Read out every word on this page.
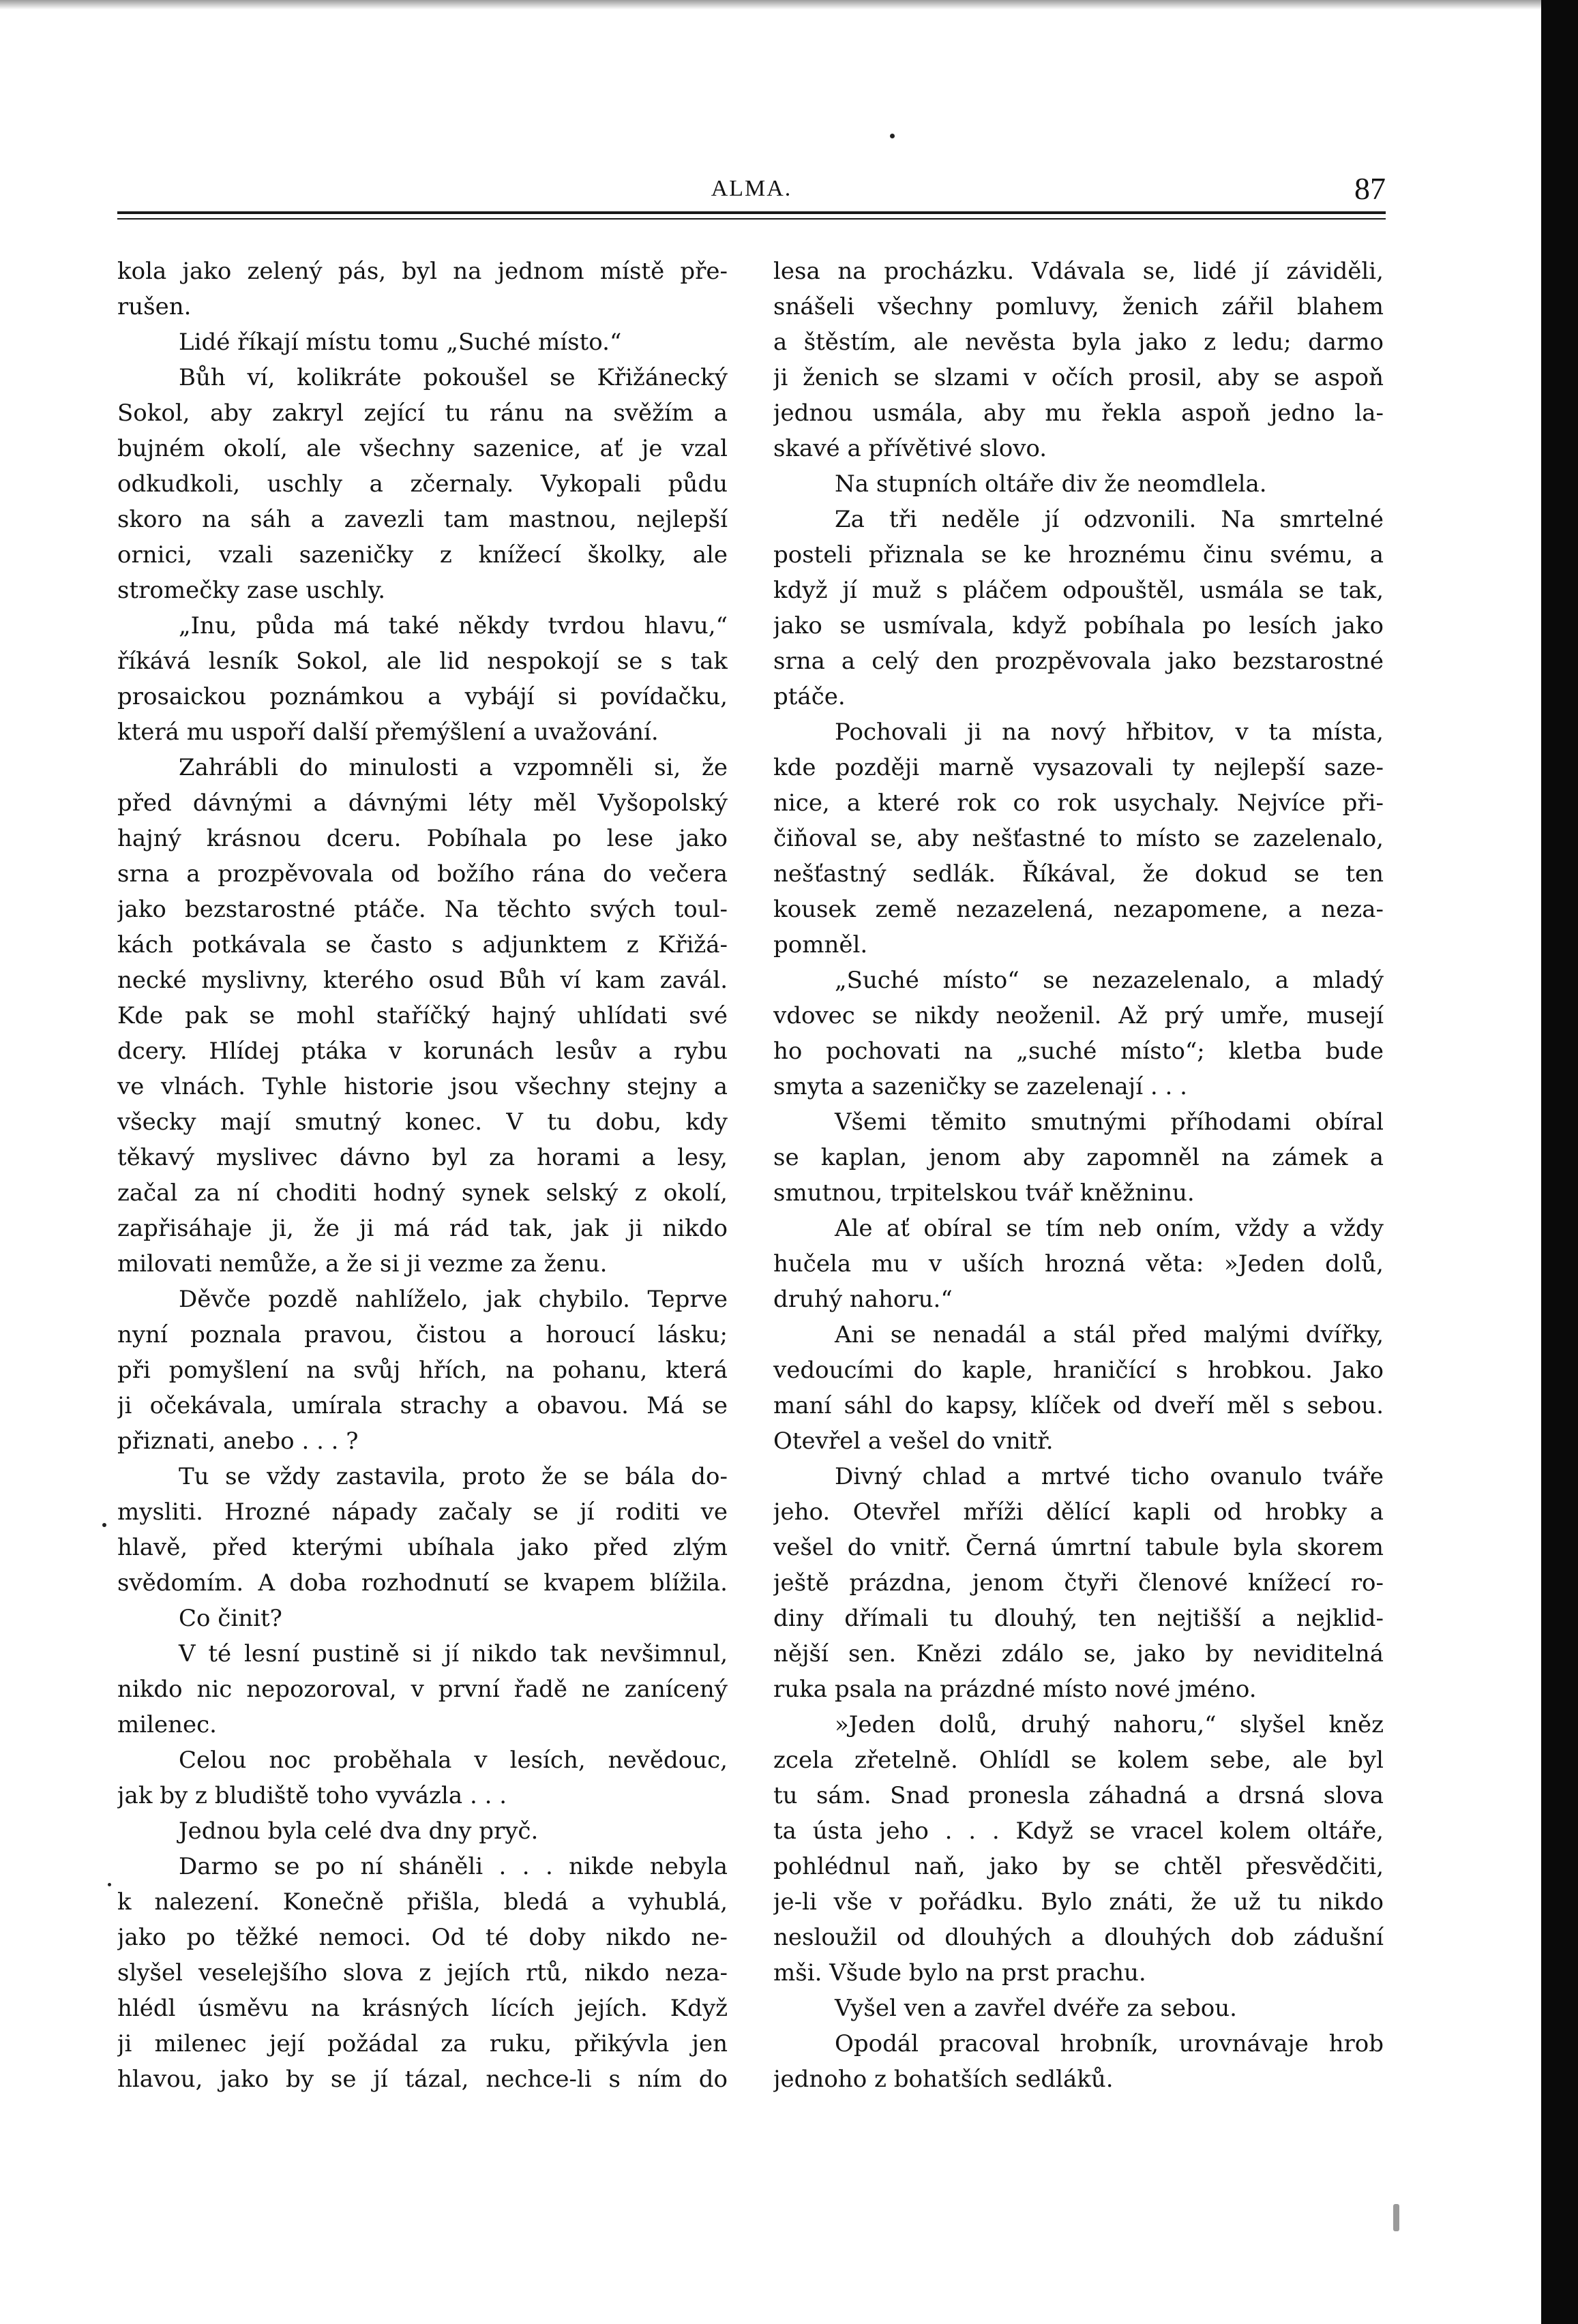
ALMA.	87
kola jako zelený pás, byl na jednom místě pře-
rušen.
Lidé říkají místu tomu „Suché místo.“
Bůh ví, kolikráte pokoušel se Křižánecký
Sokol, aby zakryl zející tu ránu na svěžím a
bujném okolí, ale všechny sazenice, ať je vzal
odkudkoli, uschly a zčernaly. Vykopali půdu
skoro na sáh a zavezli tam mastnou, nejlepší
ornici, vzali sazeničky z knížecí školky, ale
stromečky zase uschly.
„Inu, půda má také někdy tvrdou hlavu,“
říkává lesník Sokol, ale lid nespokojí se s tak
prosaickou poznámkou a vybájí si povídačku,
která mu uspoří další přemýšlení a uvažování.
Zahrábli do minulosti a vzpomněli si, že
před dávnými a dávnými léty měl Vyšopolský
hajný krásnou dceru. Pobíhala po lese jako
srna a prozpěvovala od božího rána do večera
jako bezstarostné ptáče. Na těchto svých toul-
kách potkávala se často s adjunktem z Křižá-
necké myslivny, kterého osud Bůh ví kam zavál.
Kde pak se mohl staříčký hajný uhlídati své
dcery. Hlídej ptáka v korunách lesův a rybu
ve vlnách. Tyhle historie jsou všechny stejny a
všecky mají smutný konec. V tu dobu, kdy
těkavý myslivec dávno byl za horami a lesy,
začal za ní choditi hodný synek selský z okolí,
zapřisáhaje ji, že ji má rád tak, jak ji nikdo
milovati nemůže, a že si ji vezme za ženu.
Děvče pozdě nahlíželo, jak chybilo. Teprve
nyní poznala pravou, čistou a horoucí lásku;
při pomyšlení na svůj hřích, na pohanu, která
ji očekávala, umírala strachy a obavou. Má se
přiznati, anebo . . . ?
Tu se vždy zastavila, proto že se bála do-
mysliti. Hrozné nápady začaly se jí roditi ve
hlavě, před kterými ubíhala jako před zlým
svědomím. A doba rozhodnutí se kvapem blížila.
Co činit?
V té lesní pustině si jí nikdo tak nevšimnul,
nikdo nic nepozoroval, v první řadě ne zanícený
milenec.
Celou noc proběhala v lesích, nevědouc,
jak by z bludiště toho vyvázla . . .
Jednou byla celé dva dny pryč.
Darmo se po ní sháněli . . . nikde nebyla
k nalezení. Konečně přišla, bledá a vyhublá,
jako po těžké nemoci. Od té doby nikdo ne-
slyšel veselejšího slova z jejích rtů, nikdo neza-
hlédl úsměvu na krásných lících jejích. Když
ji milenec její požádal za ruku, přikývla jen
hlavou, jako by se jí tázal, nechce-li s ním do
lesa na procházku. Vdávala se, lidé jí záviděli,
snášeli všechny pomluvy, ženich zářil blahem
a štěstím, ale nevěsta byla jako z ledu; darmo
ji ženich se slzami v očích prosil, aby se aspoň
jednou usmála, aby mu řekla aspoň jedno la-
skavé a přívětivé slovo.
Na stupních oltáře div že neomdlela.
Za tři neděle jí odzvonili. Na smrtelné
posteli přiznala se ke hroznému činu svému, a
když jí muž s pláčem odpouštěl, usmála se tak,
jako se usmívala, když pobíhala po lesích jako
srna a celý den prozpěvovala jako bezstarostné
ptáče.
Pochovali ji na nový hřbitov, v ta místa,
kde později marně vysazovali ty nejlepší saze-
nice, a které rok co rok usychaly. Nejvíce při-
čiňoval se, aby nešťastné to místo se zazelenalo,
nešťastný sedlák. Říkával, že dokud se ten
kousek země nezazelená, nezapomene, a neza-
pomněl.
„Suché místo“ se nezazelenalo, a mladý
vdovec se nikdy neoženil. Až prý umře, musejí
ho pochovati na „suché místo“; kletba bude
smyta a sazeničky se zazelenají . . .
Všemi těmito smutnými příhodami obíral
se kaplan, jenom aby zapomněl na zámek a
smutnou, trpitelskou tvář kněžninu.
Ale ať obíral se tím neb oním, vždy a vždy
hučela mu v uších hrozná věta: »Jeden dolů,
druhý nahoru.“
Ani se nenadál a stál před malými dvířky,
vedoucími do kaple, hraničící s hrobkou. Jako
maní sáhl do kapsy, klíček od dveří měl s sebou.
Otevřel a vešel do vnitř.
Divný chlad a mrtvé ticho ovanulo tváře
jeho. Otevřel mříži dělící kapli od hrobky a
vešel do vnitř. Černá úmrtní tabule byla skorem
ještě prázdna, jenom čtyři členové knížecí ro-
diny dřímali tu dlouhý, ten nejtišší a nejklid-
nější sen. Knězi zdálo se, jako by neviditelná
ruka psala na prázdné místo nové jméno.
»Jeden dolů, druhý nahoru,“ slyšel kněz
zcela zřetelně. Ohlídl se kolem sebe, ale byl
tu sám. Snad pronesla záhadná a drsná slova
ta ústa jeho . . . Když se vracel kolem oltáře,
pohlédnul naň, jako by se chtěl přesvědčiti,
je-li vše v pořádku. Bylo znáti, že už tu nikdo
nesloužil od dlouhých a dlouhých dob zádušní
mši. Všude bylo na prst prachu.
Vyšel ven a zavřel dvéře za sebou.
Opodál pracoval hrobník, urovnávaje hrob
jednoho z bohatších sedláků.
